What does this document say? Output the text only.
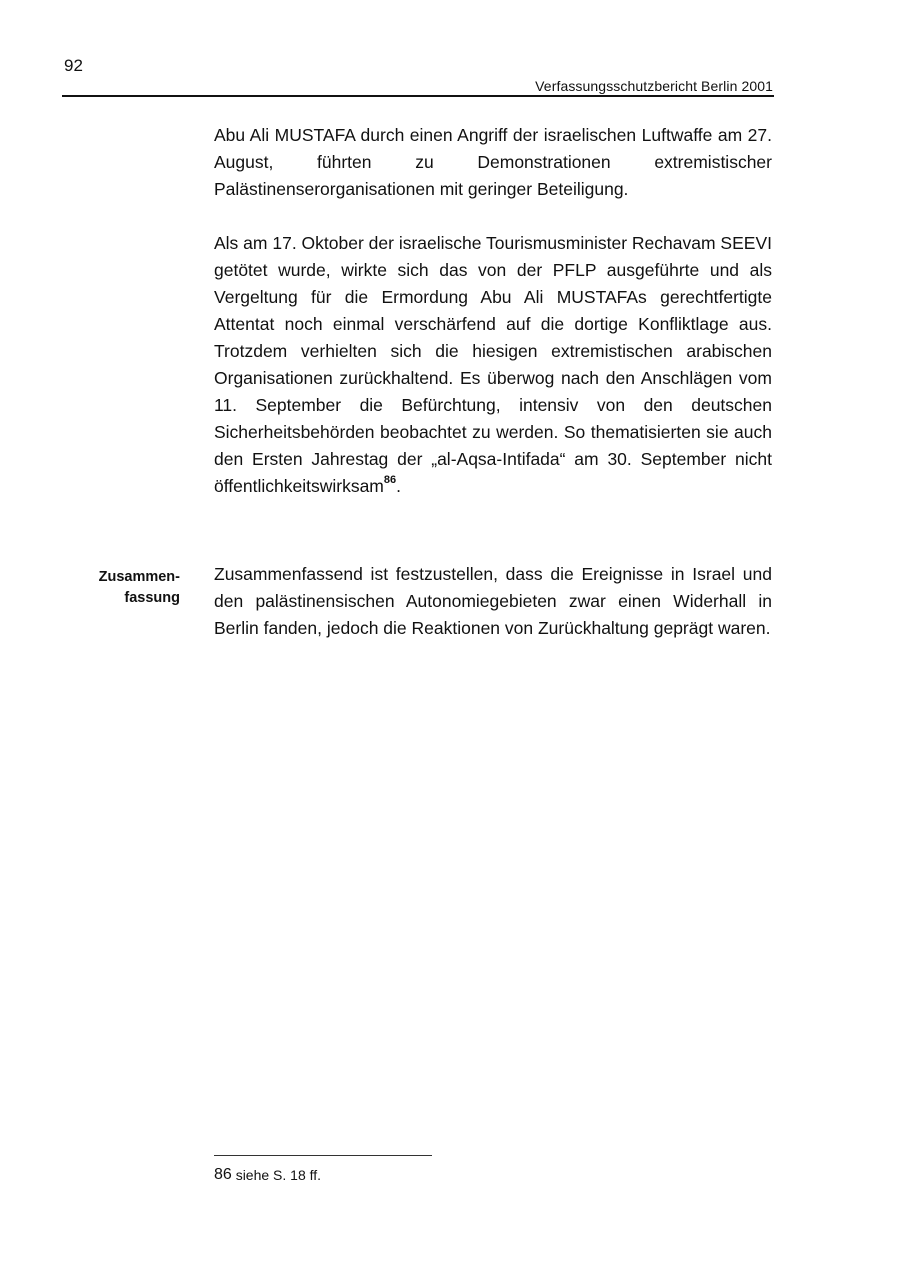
92
Verfassungsschutzbericht Berlin 2001

Abu Ali MUSTAFA durch einen Angriff der israelischen Luftwaffe am 27. August, führten zu Demonstrationen extremistischer Palästinenserorganisationen mit geringer Beteiligung.

Als am 17. Oktober der israelische Tourismusminister Rechavam SEEVI getötet wurde, wirkte sich das von der PFLP ausgeführte und als Vergeltung für die Ermordung Abu Ali MUSTAFAs gerechtfertigte Attentat noch einmal verschärfend auf die dortige Konfliktlage aus. Trotzdem verhielten sich die hiesigen extremistischen arabischen Organisationen zurückhaltend. Es überwog nach den Anschlägen vom 11. September die Befürchtung, intensiv von den deutschen Sicherheitsbehörden beobachtet zu werden. So thematisierten sie auch den Ersten Jahrestag der „al-Aqsa-Intifada“ am 30. September nicht öffentlichkeitswirksam$^{86}$.

Zusammen-
fassung

Zusammenfassend ist festzustellen, dass die Ereignisse in Israel und den palästinensischen Autonomiegebieten zwar einen Widerhall in Berlin fanden, jedoch die Reaktionen von Zurückhaltung geprägt waren.

86 siehe S. 18 ff.
